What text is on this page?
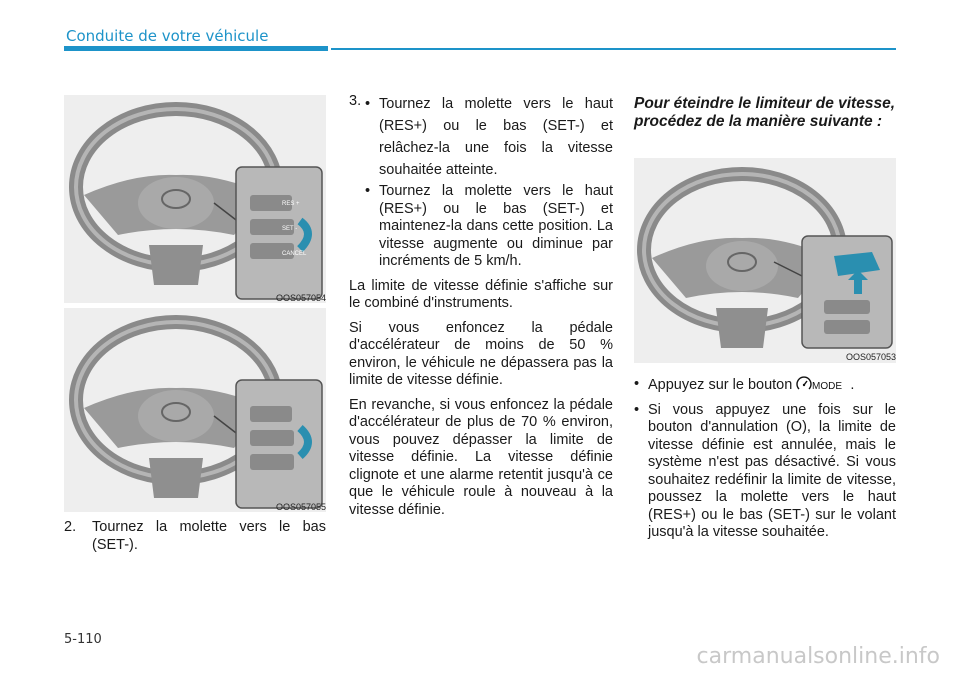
Conduite de votre véhicule
RES +
SET -
CANCEL
OOS057054
OOS057055
2. Tournez la molette vers le bas (SET-).
3. • Tournez la molette vers le haut (RES+) ou le bas (SET-) et relâchez-la une fois la vitesse souhaitée atteinte.
• Tournez la molette vers le haut (RES+) ou le bas (SET-) et maintenez-la dans cette position. La vitesse augmente ou diminue par incréments de 5 km/h.

La limite de vitesse définie s'affiche sur le combiné d'instruments.

Si vous enfoncez la pédale d'accélérateur de moins de 50 % environ, le véhicule ne dépassera pas la limite de vitesse définie.

En revanche, si vous enfoncez la pédale d'accélérateur de plus de 70 % environ, vous pouvez dépasser la limite de vitesse définie. La vitesse définie clignote et une alarme retentit jusqu'à ce que le véhicule roule à nouveau à la vitesse définie.

Pour éteindre le limiteur de vitesse, procédez de la manière suivante :
OOS057053
• Appuyez sur le bouton MODE .
• Si vous appuyez une fois sur le bouton d'annulation (O), la limite de vitesse définie est annulée, mais le système n'est pas désactivé. Si vous souhaitez redéfinir la limite de vitesse, poussez la molette vers le haut (RES+) ou le bas (SET-) sur le volant jusqu'à la vitesse souhaitée.
5-110
carmanualsonline.info
